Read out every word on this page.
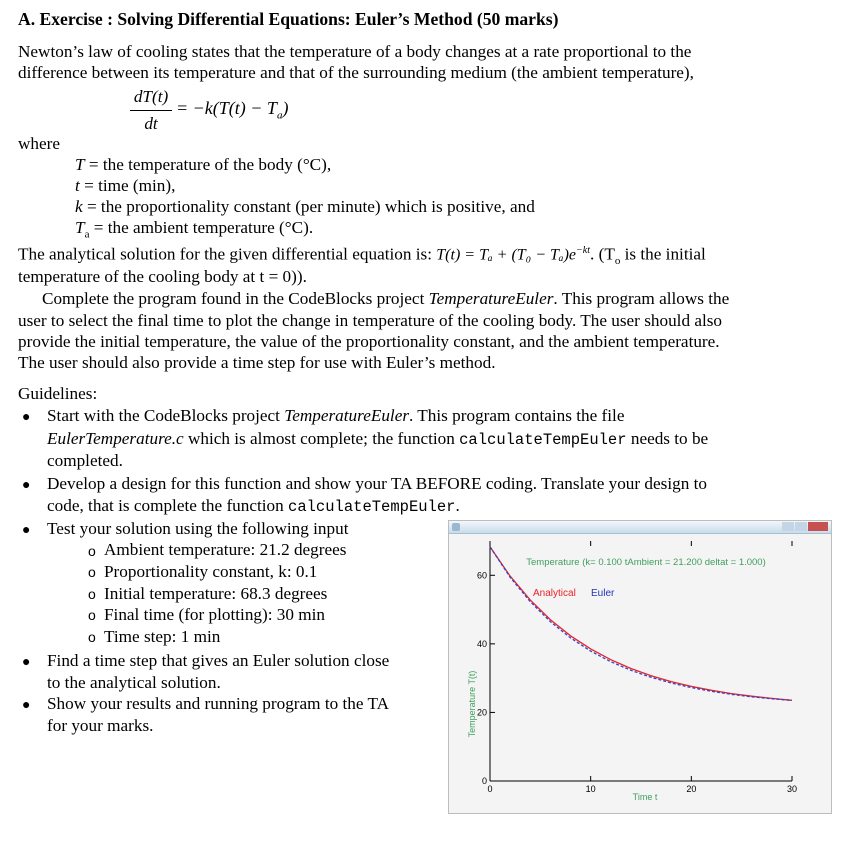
A. Exercise : Solving Differential Equations: Euler’s Method (50 marks)
Newton’s law of cooling states that the temperature of a body changes at a rate proportional to the
difference between its temperature and that of the surrounding medium (the ambient temperature),
dT(t)
dt
= $-k(T(t) - T_a)$
where
T = the temperature of the body (°C),
t = time (min),
k = the proportionality constant (per minute) which is positive, and
$T_a$ = the ambient temperature (°C).
The analytical solution for the given differential equation is: $T(t) = T_a + (T_0 - T_a)e^{-kt}$. ($T_o$ is the initial
temperature of the cooling body at t = 0)).
Complete the program found in the CodeBlocks project TemperatureEuler. This program allows the
user to select the final time to plot the change in temperature of the cooling body. The user should also
provide the initial temperature, the value of the proportionality constant, and the ambient temperature.
The user should also provide a time step for use with Euler’s method.
Guidelines:
● Start with the CodeBlocks project TemperatureEuler. This program contains the file
EulerTemperature.c which is almost complete; the function calculateTempEuler needs to be
completed.
● Develop a design for this function and show your TA BEFORE coding. Translate your design to
code, that is complete the function calculateTempEuler.
● Test your solution using the following input
o Ambient temperature: 21.2 degrees
o Proportionality constant, k: 0.1
o Initial temperature: 68.3 degrees
o Final time (for plotting): 30 min
o Time step: 1 min
● Find a time step that gives an Euler solution close
to the analytical solution.
● Show your results and running program to the TA
for your marks.
Temperature (k= 0.100 tAmbient = 21.200 deltat = 1.000)
Analytical Euler
Temperature T(t)
Time t
0	10	20	30
0
20
40
60
